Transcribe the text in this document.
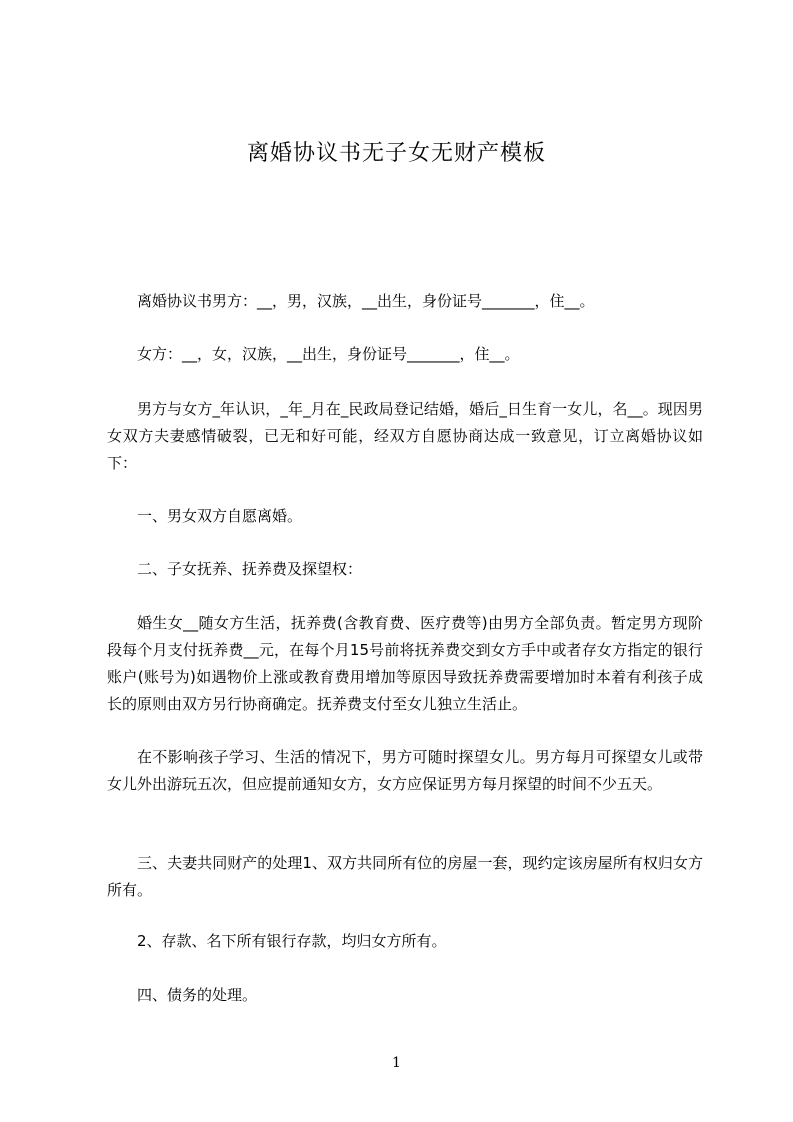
离婚协议书无子女无财产模板

离婚协议书男方：__，男，汉族，__出生，身份证号_______，住__。

女方：__，女，汉族，__出生，身份证号_______，住__。

男方与女方_年认识，_年_月在_民政局登记结婚，婚后_日生育一女儿，名__。现因男女双方夫妻感情破裂，已无和好可能，经双方自愿协商达成一致意见，订立离婚协议如下：

一、男女双方自愿离婚。

二、子女抚养、抚养费及探望权：

婚生女__随女方生活，抚养费(含教育费、医疗费等)由男方全部负责。暂定男方现阶段每个月支付抚养费__元，在每个月15号前将抚养费交到女方手中或者存女方指定的银行账户(账号为)如遇物价上涨或教育费用增加等原因导致抚养费需要增加时本着有利孩子成长的原则由双方另行协商确定。抚养费支付至女儿独立生活止。

在不影响孩子学习、生活的情况下，男方可随时探望女儿。男方每月可探望女儿或带女儿外出游玩五次，但应提前通知女方，女方应保证男方每月探望的时间不少五天。

三、夫妻共同财产的处理1、双方共同所有位的房屋一套，现约定该房屋所有权归女方所有。

2、存款、名下所有银行存款，均归女方所有。

四、债务的处理。

1
